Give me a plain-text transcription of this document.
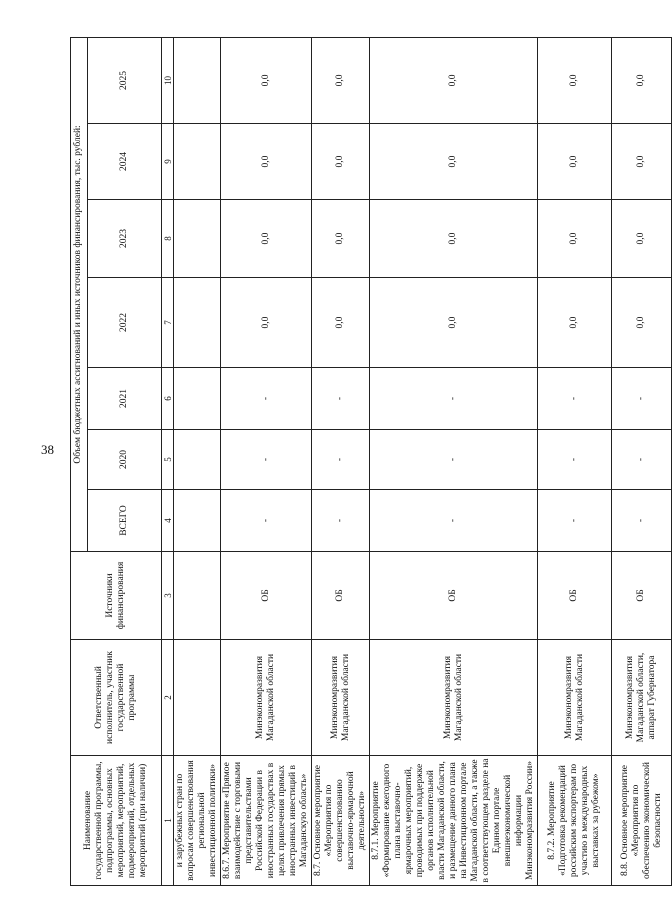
38
Наименование государственной программы, подпрограммы, основных мероприятий, мероприятий, подмероприятий, отдельных мероприятий (при наличии)	Ответственный исполнитель, участник государственной программы	Источники финансирования	Объем бюджетных ассигнований и иных источников финансирования, тыс. рублей:						
			ВСЕГО	2020	2021	2022	2023	2024	2025
1	2	3	4	5	6	7	8	9	10
и зарубежных стран по вопросам совершенствования региональной инвестиционной политики»									
8.6.7. Мероприятие «Прямое взаимодействие с торговыми представительствами Российской Федерации в иностранных государствах в целях привлечения прямых иностранных инвестиций в Магаданскую область»	Минэкономразвития Магаданской области	ОБ	-	-	-	0,0	0,0	0,0	0,0
8.7. Основное мероприятие «Мероприятия по совершенствованию выставочно-ярмарочной деятельности»	Минэкономразвития Магаданской области	ОБ	-	-	-	0,0	0,0	0,0	0,0
8.7.1. Мероприятие «Формирование ежегодного плана выставочно-ярмарочных мероприятий, проводимых при поддержке органов исполнительной власти Магаданской области, и размещение данного плана на Инвестиционном портале Магаданской области, а также в соответствующем разделе на Едином портале внешнеэкономической информации Минэкономразвития России»	Минэкономразвития Магаданской области	ОБ	-	-	-	0,0	0,0	0,0	0,0
8.7.2. Мероприятие «Подготовка рекомендаций российским экспортерам по участию в международных выставках за рубежом»	Минэкономразвития Магаданской области	ОБ	-	-	-	0,0	0,0	0,0	0,0
8.8. Основное мероприятие «Мероприятия по обеспечению экономической безопасности	Минэкономразвития Магаданской области, аппарат Губернатора	ОБ	-	-	-	0,0	0,0	0,0	0,0
